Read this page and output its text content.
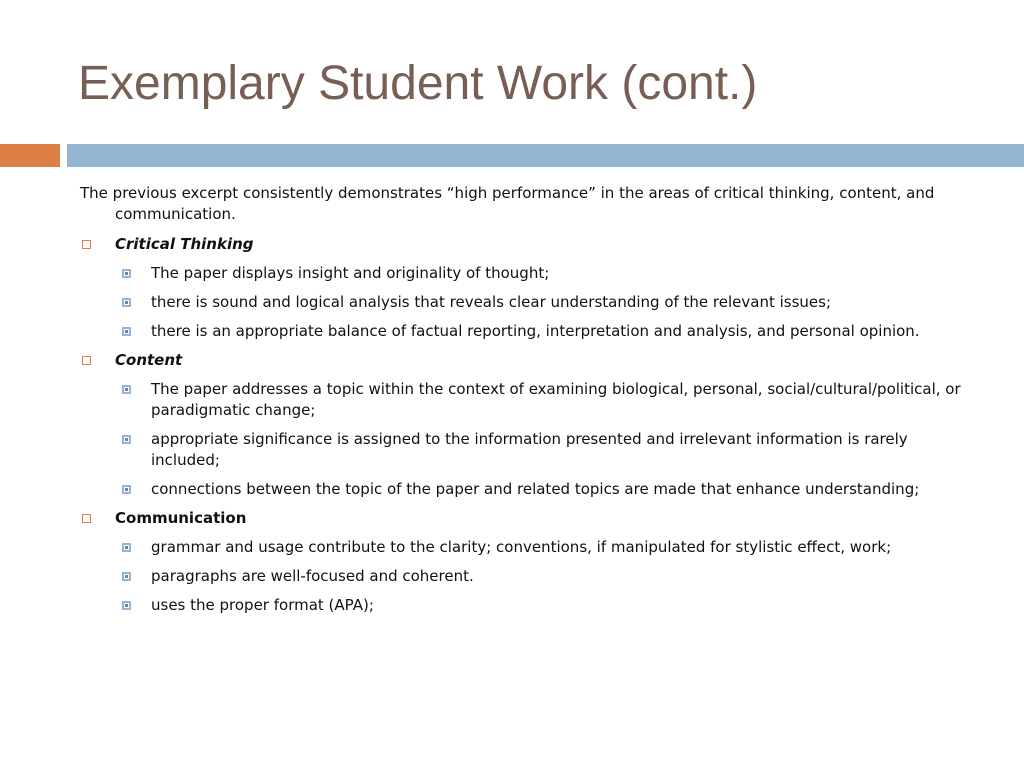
Exemplary Student Work (cont.)
The previous excerpt consistently demonstrates “high performance” in the areas of critical thinking, content, and communication.
Critical Thinking
The paper displays insight and originality of thought;
there is sound and logical analysis that reveals clear understanding of the relevant issues;
there is an appropriate balance of factual reporting, interpretation and analysis, and personal opinion.
Content
The paper addresses a topic within the context of examining biological, personal, social/cultural/political, or paradigmatic change;
appropriate significance is assigned to the information presented and irrelevant information is rarely included;
connections between the topic of the paper and related topics are made that enhance understanding;
Communication
grammar and usage contribute to the clarity; conventions, if manipulated for stylistic effect, work;
paragraphs are well-focused and coherent.
uses the proper format (APA);
